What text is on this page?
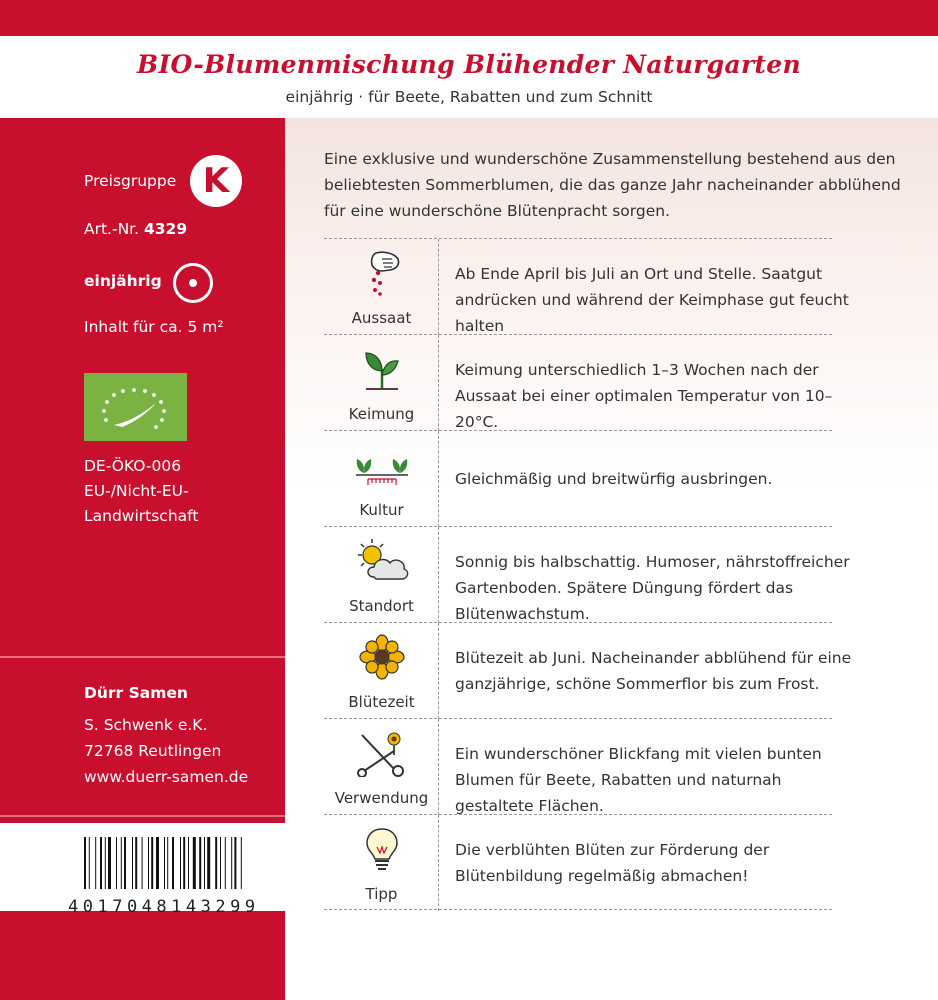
BIO-Blumenmischung Blühender Naturgarten
einjährig · für Beete, Rabatten und zum Schnitt
Preisgruppe K
Art.-Nr. 4329
einjährig
Inhalt für ca. 5 m²
DE-ÖKO-006
EU-/Nicht-EU-
Landwirtschaft
Dürr Samen
S. Schwenk e.K.
72768 Reutlingen
www.duerr-samen.de
4017048143299
Eine exklusive und wunderschöne Zusammenstellung bestehend aus den beliebtesten Sommerblumen, die das ganze Jahr nacheinander abblühend für eine wunderschöne Blütenpracht sorgen.
Aussaat
Ab Ende April bis Juli an Ort und Stelle. Saatgut andrücken und während der Keimphase gut feucht halten
Keimung
Keimung unterschiedlich 1–3 Wochen nach der Aussaat bei einer optimalen Temperatur von 10–20°C.
Kultur
Gleichmäßig und breitwürfig ausbringen.
Standort
Sonnig bis halbschattig. Humoser, nährstoffreicher Gartenboden. Spätere Düngung fördert das Blütenwachstum.
Blütezeit
Blütezeit ab Juni. Nacheinander abblühend für eine ganzjährige, schöne Sommerflor bis zum Frost.
Verwendung
Ein wunderschöner Blickfang mit vielen bunten Blumen für Beete, Rabatten und naturnah gestaltete Flächen.
Tipp
Die verblühten Blüten zur Förderung der Blütenbildung regelmäßig abmachen!
